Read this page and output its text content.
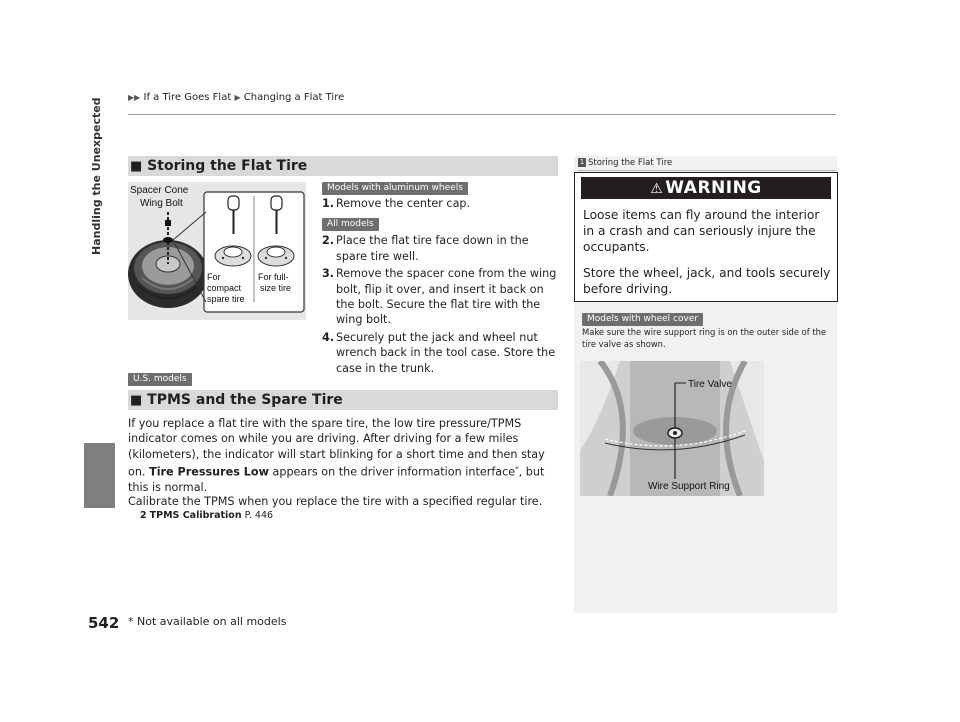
▶▶ If a Tire Goes Flat ▶ Changing a Flat Tire
Handling the Unexpected
542 * Not available on all models
■ Storing the Flat Tire
Spacer Cone
Wing Bolt
For
compact
spare tire
For full-
size tire
Models with aluminum wheels
All models
1. Remove the center cap.
2. Place the flat tire face down in the spare tire well.
3. Remove the spacer cone from the wing bolt, flip it over, and insert it back on the bolt. Secure the flat tire with the wing bolt.
4. Securely put the jack and wheel nut wrench back in the tool case. Store the case in the trunk.
U.S. models
■ TPMS and the Spare Tire
If you replace a flat tire with the spare tire, the low tire pressure/TPMS indicator comes on while you are driving. After driving for a few miles (kilometers), the indicator will start blinking for a short time and then stay on. Tire Pressures Low appears on the driver information interface*, but this is normal.
Calibrate the TPMS when you replace the tire with a specified regular tire.
2 TPMS Calibration P. 446
1 Storing the Flat Tire
⚠ WARNING
Loose items can fly around the interior in a crash and can seriously injure the occupants.
Store the wheel, jack, and tools securely before driving.
Models with wheel cover
Make sure the wire support ring is on the outer side of the tire valve as shown.
Tire Valve
Wire Support Ring
